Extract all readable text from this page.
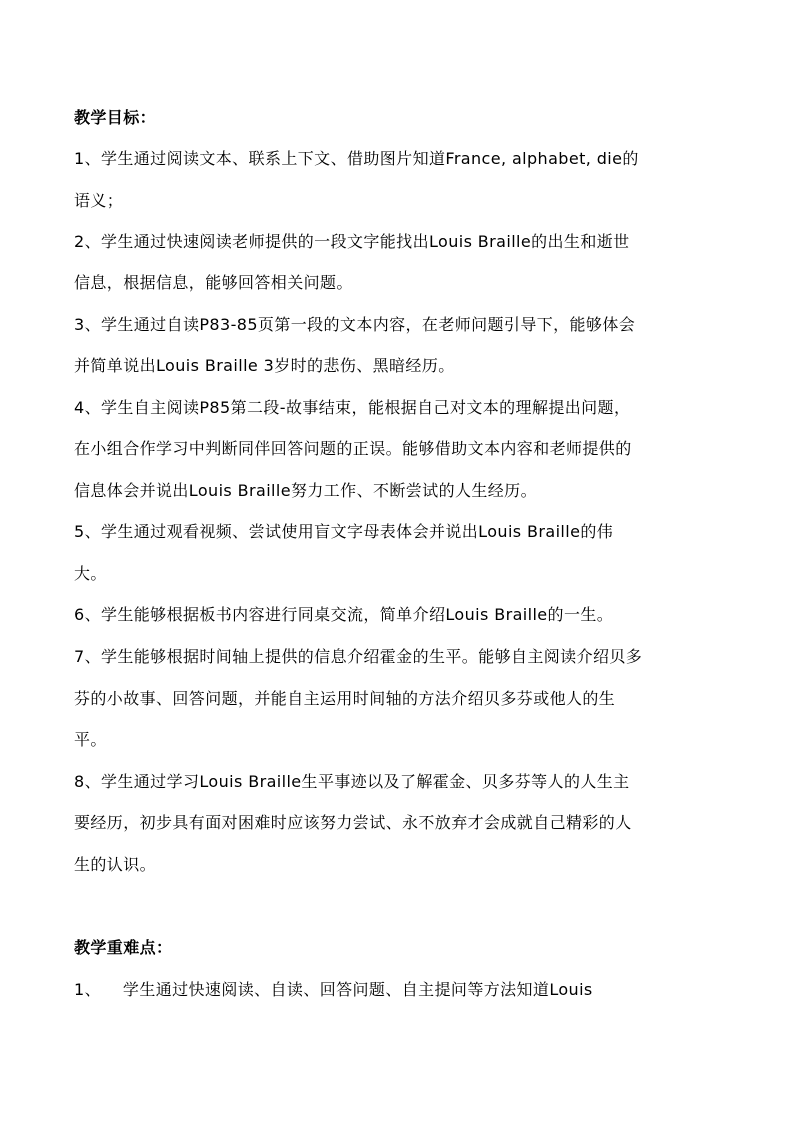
教学目标：
1、学生通过阅读文本、联系上下文、借助图片知道France, alphabet, die的
语义；
2、学生通过快速阅读老师提供的一段文字能找出Louis Braille的出生和逝世
信息，根据信息，能够回答相关问题。
3、学生通过自读P83-85页第一段的文本内容，在老师问题引导下，能够体会
并简单说出Louis Braille 3岁时的悲伤、黑暗经历。
4、学生自主阅读P85第二段-故事结束，能根据自己对文本的理解提出问题，
在小组合作学习中判断同伴回答问题的正误。能够借助文本内容和老师提供的
信息体会并说出Louis Braille努力工作、不断尝试的人生经历。
5、学生通过观看视频、尝试使用盲文字母表体会并说出Louis Braille的伟
大。
6、学生能够根据板书内容进行同桌交流，简单介绍Louis Braille的一生。
7、学生能够根据时间轴上提供的信息介绍霍金的生平。能够自主阅读介绍贝多
芬的小故事、回答问题，并能自主运用时间轴的方法介绍贝多芬或他人的生
平。
8、学生通过学习Louis Braille生平事迹以及了解霍金、贝多芬等人的人生主
要经历，初步具有面对困难时应该努力尝试、永不放弃才会成就自己精彩的人
生的认识。
教学重难点：
1、    学生通过快速阅读、自读、回答问题、自主提问等方法知道Louis
